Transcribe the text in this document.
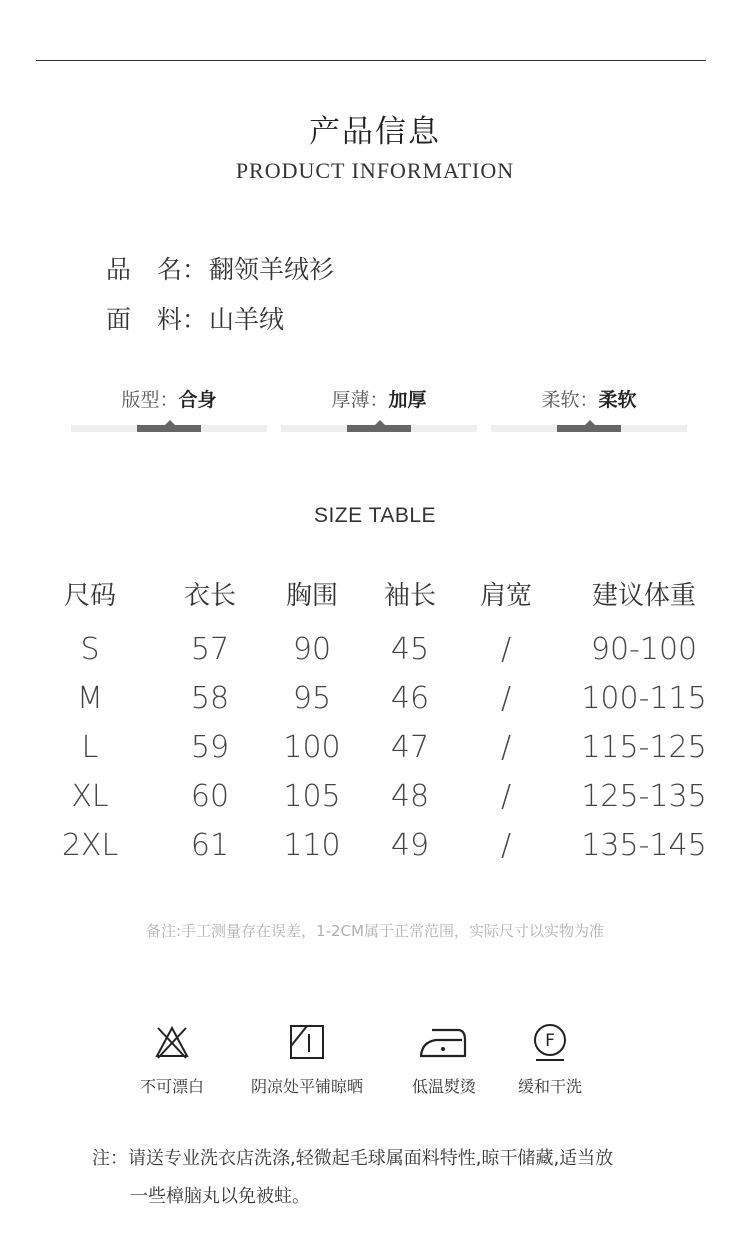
产品信息
PRODUCT INFORMATION
品名：翻领羊绒衫
面料：山羊绒
版型：合身	厚薄：加厚	柔软：柔软
SIZE TABLE
尺码	衣长	胸围	袖长	肩宽	建议体重
S	57	90	45	/	90-100
M	58	95	46	/	100-115
L	59	100	47	/	115-125
XL	60	105	48	/	125-135
2XL	61	110	49	/	135-145
备注:手工测量存在误差，1-2CM属于正常范围，实际尺寸以实物为准
不可漂白	阴凉处平铺晾晒	低温熨烫
F
缓和干洗
注：请送专业洗衣店洗涤,轻微起毛球属面料特性,晾干储藏,适当放
一些樟脑丸以免被蛀。
